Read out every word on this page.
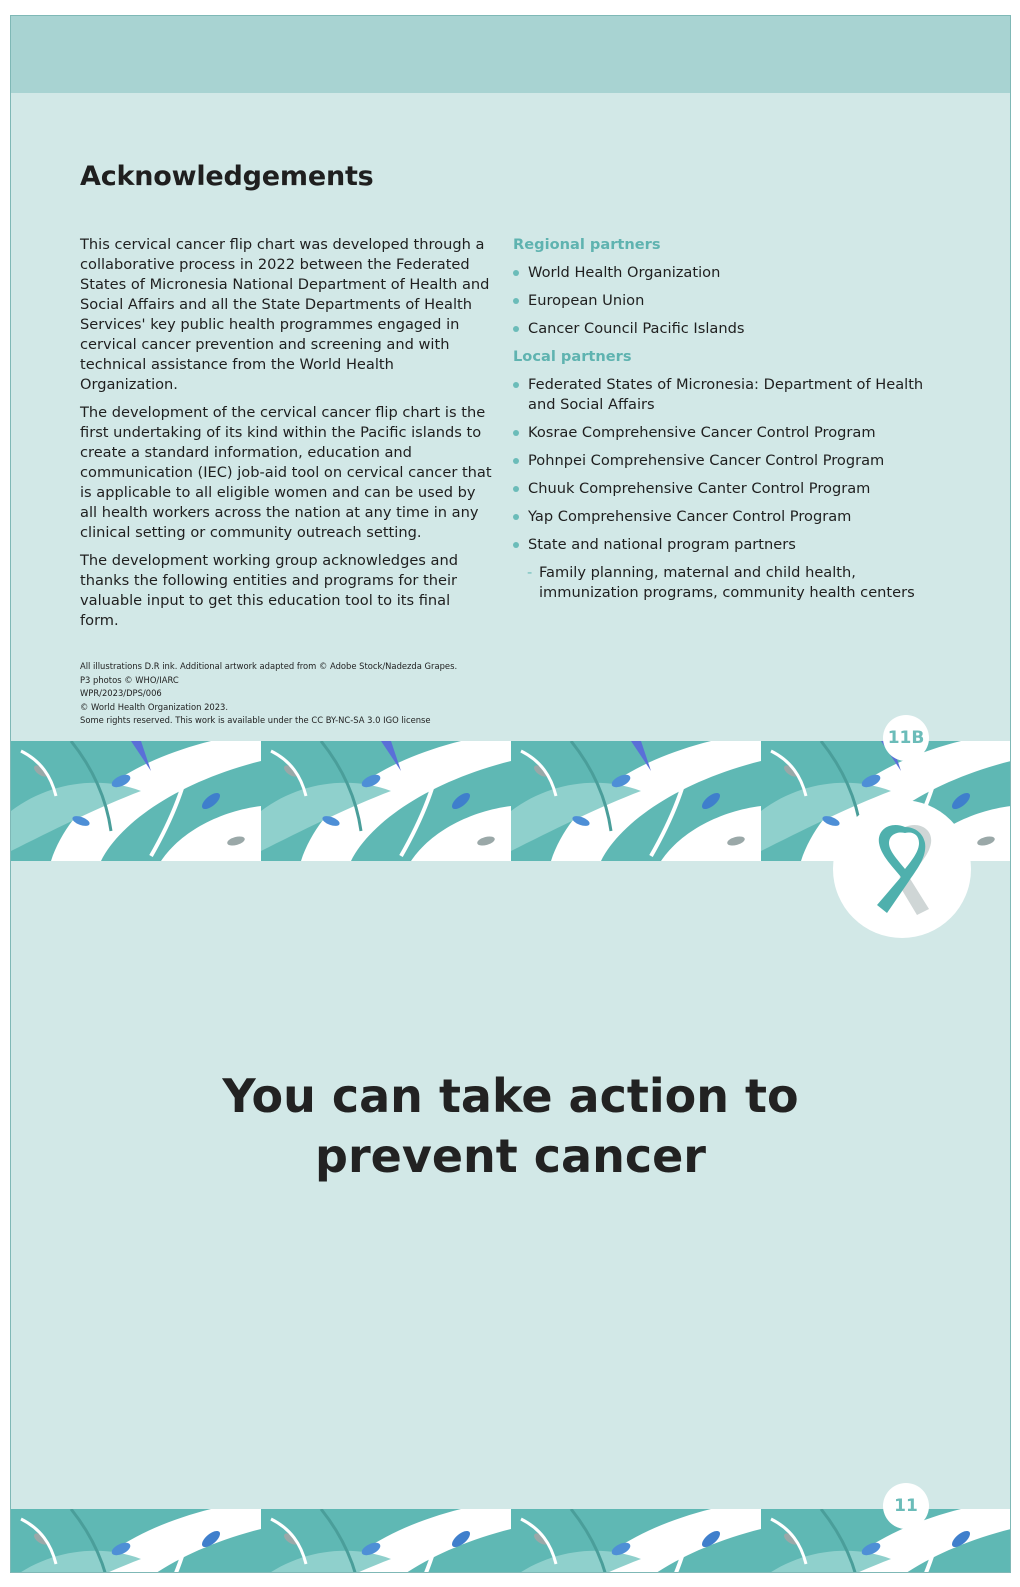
Acknowledgements

This cervical cancer flip chart was developed through a collaborative process in 2022 between the Federated States of Micronesia National Department of Health and Social Affairs and all the State Departments of Health Services' key public health programmes engaged in cervical cancer prevention and screening and with technical assistance from the World Health Organization.

The development of the cervical cancer flip chart is the first undertaking of its kind within the Pacific islands to create a standard information, education and communication (IEC) job-aid tool on cervical cancer that is applicable to all eligible women and can be used by all health workers across the nation at any time in any clinical setting or community outreach setting.

The development working group acknowledges and thanks the following entities and programs for their valuable input to get this education tool to its final form.

Regional partners
World Health Organization
European Union
Cancer Council Pacific Islands
Local partners
Federated States of Micronesia: Department of Health and Social Affairs
Kosrae Comprehensive Cancer Control Program
Pohnpei Comprehensive Cancer Control Program
Chuuk Comprehensive Canter Control Program
Yap Comprehensive Cancer Control Program
State and national program partners
- Family planning, maternal and child health, immunization programs, community health centers
All illustrations D.R ink. Additional artwork adapted from © Adobe Stock/Nadezda Grapes.
P3 photos © WHO/IARC
WPR/2023/DPS/006
© World Health Organization 2023.
Some rights reserved. This work is available under the CC BY-NC-SA 3.0 IGO license
11B
You can take action to
prevent cancer
11
